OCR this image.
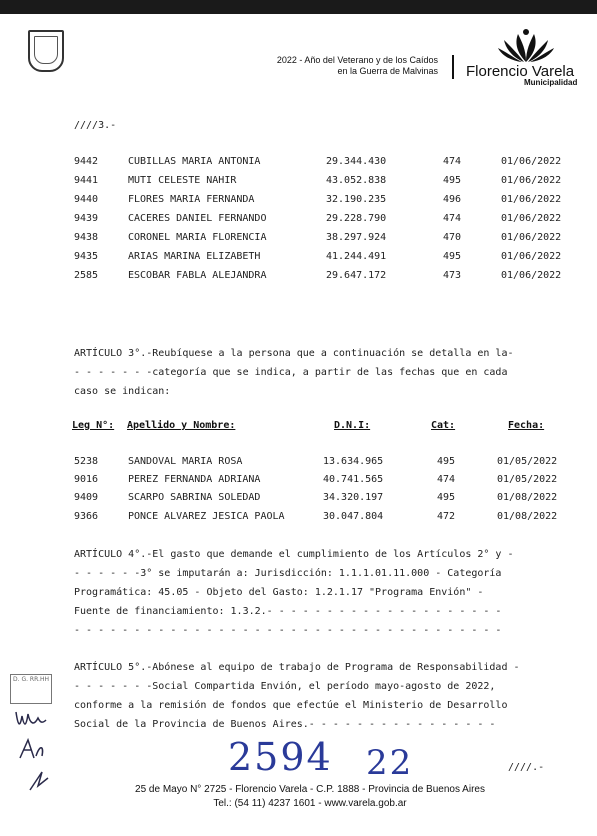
2022 - Año del Veterano y de los Caídos
en la Guerra de Malvinas Florencio Varela
Municipalidad
////3.-
9442	CUBILLAS MARIA ANTONIA	29.344.430	474	01/06/2022
9441	MUTI CELESTE NAHIR	43.052.838	495	01/06/2022
9440	FLORES MARIA FERNANDA	32.190.235	496	01/06/2022
9439	CACERES DANIEL FERNANDO	29.228.790	474	01/06/2022
9438	CORONEL MARIA FLORENCIA	38.297.924	470	01/06/2022
9435	ARIAS MARINA ELIZABETH	41.244.491	495	01/06/2022
2585	ESCOBAR FABLA ALEJANDRA	29.647.172	473	01/06/2022
ARTÍCULO 3°.-Reubíquese a la persona que a continuación se detalla en la-
- - - - - - -categoría que se indica, a partir de las fechas que en cada
caso se indican:
Leg N°: Apellido y Nombre:	D.N.I:	Cat:	Fecha:
5238	SANDOVAL MARIA ROSA	13.634.965	495	01/05/2022
9016	PEREZ FERNANDA ADRIANA	40.741.565	474	01/05/2022
9409	SCARPO SABRINA SOLEDAD	34.320.197	495	01/08/2022
9366	PONCE ALVAREZ JESICA PAOLA	30.047.804	472	01/08/2022
ARTÍCULO 4°.-El gasto que demande el cumplimiento de los Artículos 2° y -
- - - - - -3° se imputarán a: Jurisdicción: 1.1.1.01.11.000 - Categoría
Programática: 45.05 - Objeto del Gasto: 1.2.1.17 "Programa Envión" -
Fuente de financiamiento: 1.3.2.- - - - - - - - - - - - - - - - - - - -
- - - - - - - - - - - - - - - - - - - - - - - - - - - - - - - - - - - -
ARTÍCULO 5°.-Abónese al equipo de trabajo de Programa de Responsabilidad -
- - - - - - -Social Compartida Envión, el período mayo-agosto de 2022,
conforme a la remisión de fondos que efectúe el Ministerio de Desarrollo
Social de la Provincia de Buenos Aires.- - - - - - - - - - - - - - - -
D. G. RR.HH
2594 22	////.-
25 de Mayo N° 2725 - Florencio Varela - C.P. 1888 - Provincia de Buenos Aires
Tel.: (54 11) 4237 1601 - www.varela.gob.ar
